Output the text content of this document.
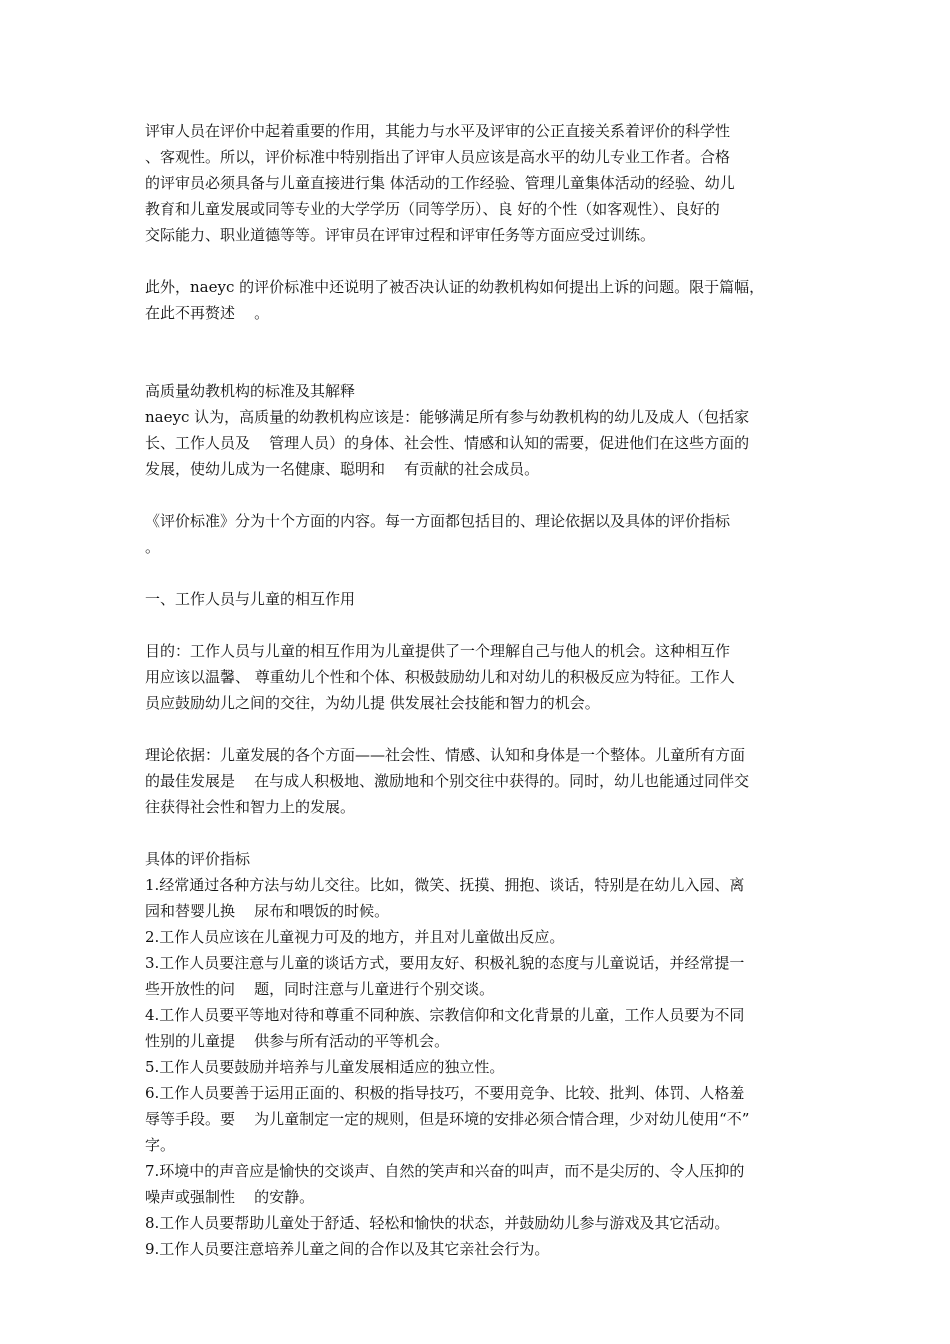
评审人员在评价中起着重要的作用，其能力与水平及评审的公正直接关系着评价的科学性
、客观性。所以，评价标准中特别指出了评审人员应该是高水平的幼儿专业工作者。合格
的评审员必须具备与儿童直接进行集 体活动的工作经验、管理儿童集体活动的经验、幼儿
教育和儿童发展或同等专业的大学学历（同等学历）、良 好的个性（如客观性）、良好的
交际能力、职业道德等等。评审员在评审过程和评审任务等方面应受过训练。
此外，naeyc 的评价标准中还说明了被否决认证的幼教机构如何提出上诉的问题。限于篇幅，
在此不再赘述    。
高质量幼教机构的标准及其解释
naeyc 认为，高质量的幼教机构应该是：能够满足所有参与幼教机构的幼儿及成人（包括家
长、工作人员及    管理人员）的身体、社会性、情感和认知的需要，促进他们在这些方面的
发展，使幼儿成为一名健康、聪明和    有贡献的社会成员。
《评价标准》分为十个方面的内容。每一方面都包括目的、理论依据以及具体的评价指标
。
一、工作人员与儿童的相互作用
目的：工作人员与儿童的相互作用为儿童提供了一个理解自己与他人的机会。这种相互作
用应该以温馨、 尊重幼儿个性和个体、积极鼓励幼儿和对幼儿的积极反应为特征。工作人
员应鼓励幼儿之间的交往，为幼儿提 供发展社会技能和智力的机会。
理论依据：儿童发展的各个方面——社会性、情感、认知和身体是一个整体。儿童所有方面
的最佳发展是    在与成人积极地、激励地和个别交往中获得的。同时，幼儿也能通过同伴交
往获得社会性和智力上的发展。
具体的评价指标
1.经常通过各种方法与幼儿交往。比如，微笑、抚摸、拥抱、谈话，特别是在幼儿入园、离
园和替婴儿换    尿布和喂饭的时候。
2.工作人员应该在儿童视力可及的地方，并且对儿童做出反应。
3.工作人员要注意与儿童的谈话方式，要用友好、积极礼貌的态度与儿童说话，并经常提一
些开放性的问    题，同时注意与儿童进行个别交谈。
4.工作人员要平等地对待和尊重不同种族、宗教信仰和文化背景的儿童，工作人员要为不同
性别的儿童提    供参与所有活动的平等机会。
5.工作人员要鼓励并培养与儿童发展相适应的独立性。
6.工作人员要善于运用正面的、积极的指导技巧，不要用竞争、比较、批判、体罚、人格羞
辱等手段。要    为儿童制定一定的规则，但是环境的安排必须合情合理，少对幼儿使用“不”
字。
7.环境中的声音应是愉快的交谈声、自然的笑声和兴奋的叫声，而不是尖厉的、令人压抑的
噪声或强制性    的安静。
8.工作人员要帮助儿童处于舒适、轻松和愉快的状态，并鼓励幼儿参与游戏及其它活动。
9.工作人员要注意培养儿童之间的合作以及其它亲社会行为。
